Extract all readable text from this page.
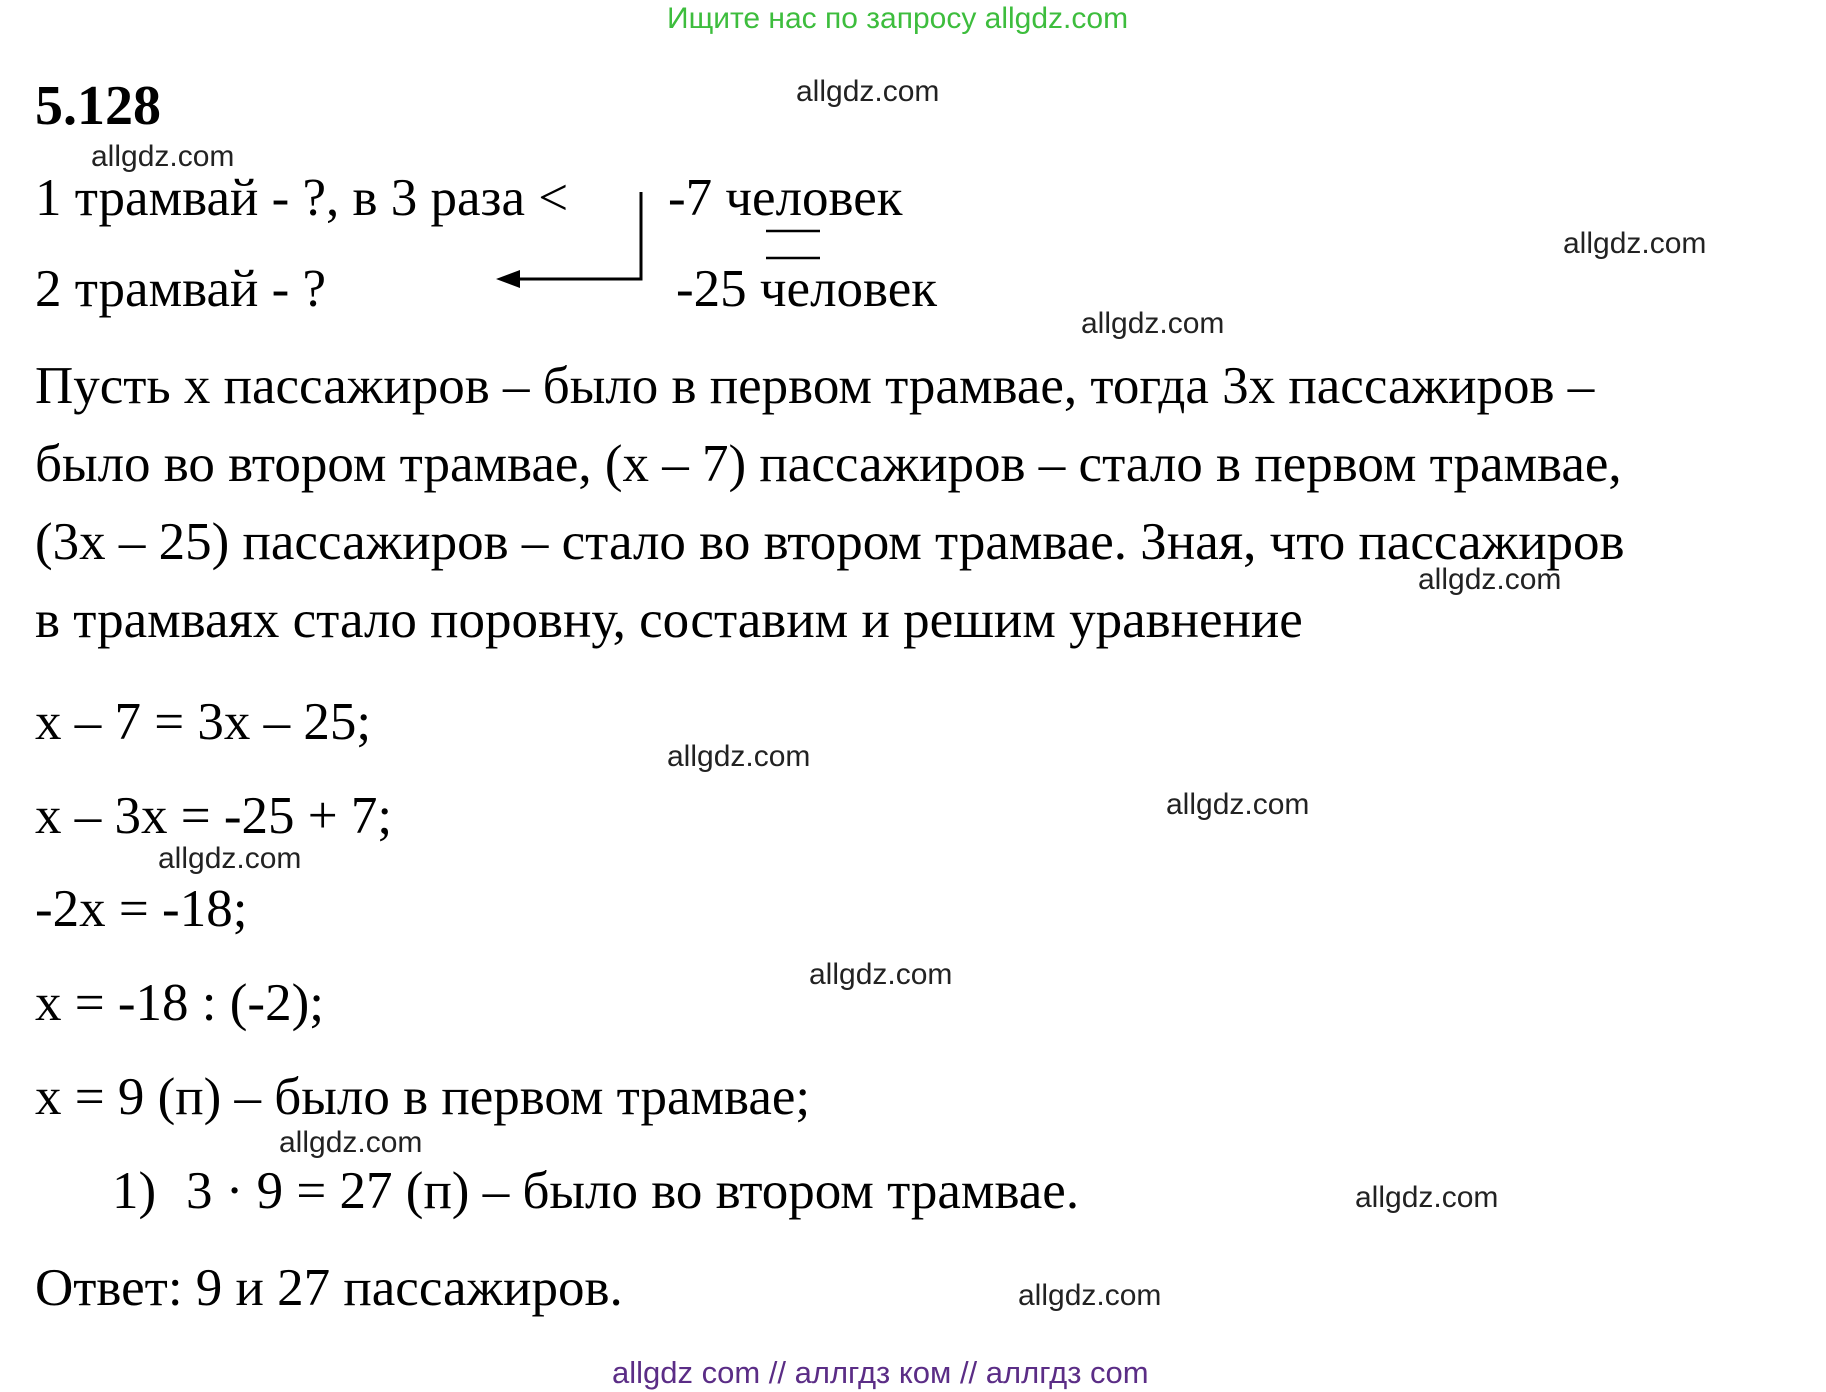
Ищите нас по запросу allgdz.com
5.128
1 трамвай - ?, в 3 раза <
2 трамвай - ?
-7 человек
-25 человек
Пусть х пассажиров – было в первом трамвае, тогда 3х пассажиров –
было во втором трамвае, (х – 7) пассажиров – стало в первом трамвае,
(3х – 25) пассажиров – стало во втором трамвае. Зная, что пассажиров
в трамваях стало поровну, составим и решим уравнение
х – 7 = 3х – 25;
х – 3х = -25 + 7;
-2х = -18;
х = -18 : (-2);
х = 9 (п) – было в первом трамвае;
1) 3 · 9 = 27 (п) – было во втором трамвае.
Ответ: 9 и 27 пассажиров.
allgdz.com
allgdz.com
allgdz.com
allgdz.com
allgdz.com
allgdz.com
allgdz.com
allgdz.com
allgdz.com
allgdz.com
allgdz.com
allgdz.com
allgdz com // аллгдз ком // аллгдз com
